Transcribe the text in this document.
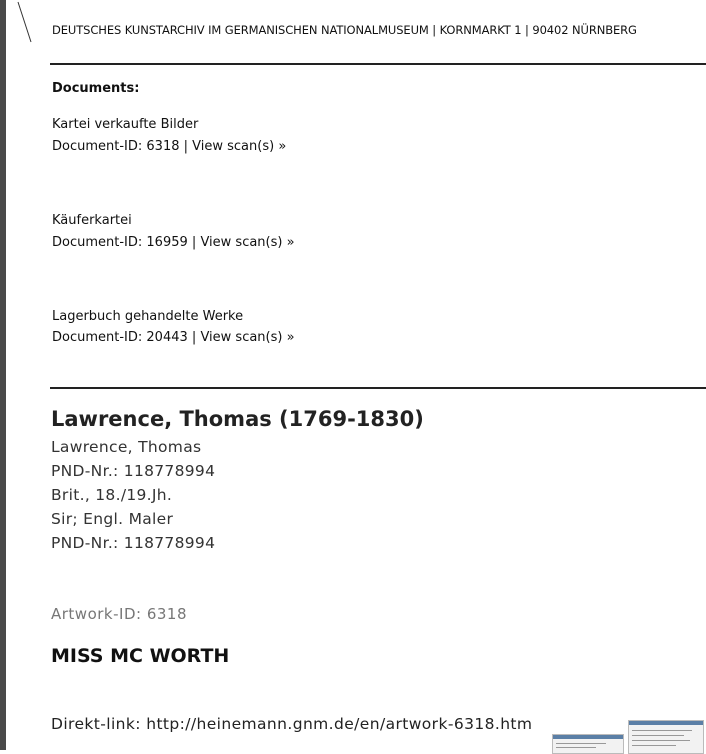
DEUTSCHES KUNSTARCHIV IM GERMANISCHEN NATIONALMUSEUM | KORNMARKT 1 | 90402 NÜRNBERG
Documents:
Kartei verkaufte Bilder
Document-ID: 6318 | View scan(s) »
Käuferkartei
Document-ID: 16959 | View scan(s) »
Lagerbuch gehandelte Werke
Document-ID: 20443 | View scan(s) »
Lawrence, Thomas (1769-1830)
Lawrence, Thomas
PND-Nr.: 118778994
Brit., 18./19.Jh.
Sir; Engl. Maler
PND-Nr.: 118778994
Artwork-ID: 6318
MISS MC WORTH
Direkt-link: http://heinemann.gnm.de/en/artwork-6318.htm
